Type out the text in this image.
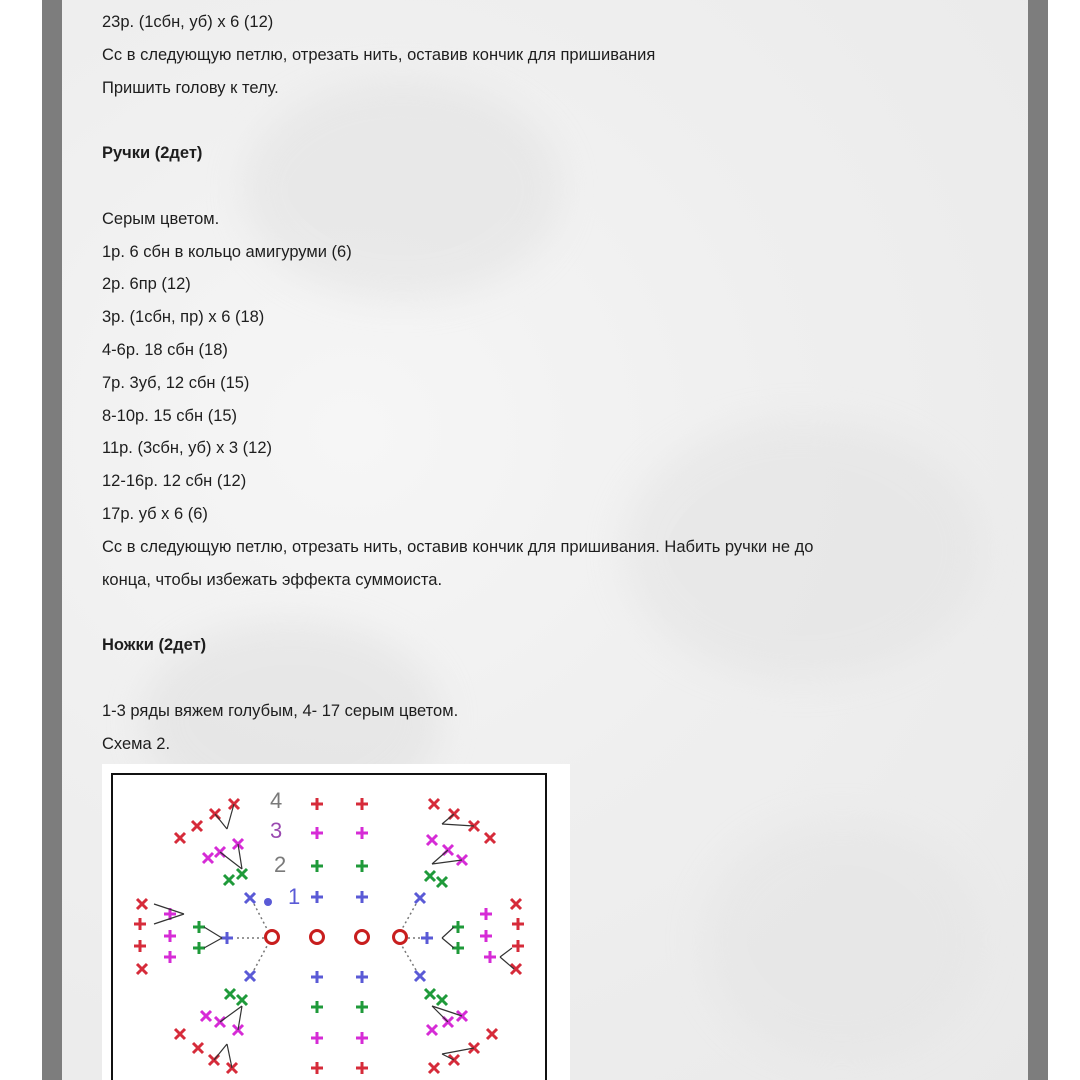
23р. (1сбн, уб) х 6 (12)

Сс в следующую петлю, отрезать нить, оставив кончик для пришивания

Пришить голову к телу.

Ручки (2дет)

Серым цветом.

1р. 6 сбн в кольцо амигуруми (6)

2р. 6пр (12)

3р. (1сбн, пр) х 6 (18)

4-6р. 18 сбн (18)

7р. 3уб, 12 сбн (15)

8-10р. 15 сбн (15)

11р. (3сбн, уб) х 3 (12)

12-16р. 12 сбн (12)

17р. уб х 6 (6)

Сс в следующую петлю, отрезать нить, оставив кончик для пришивания. Набить ручки не до

конца, чтобы избежать эффекта суммоиста.

Ножки (2дет)

1-3 ряды вяжем голубым, 4- 17 серым цветом.

Схема 2.

4
3
2
1
